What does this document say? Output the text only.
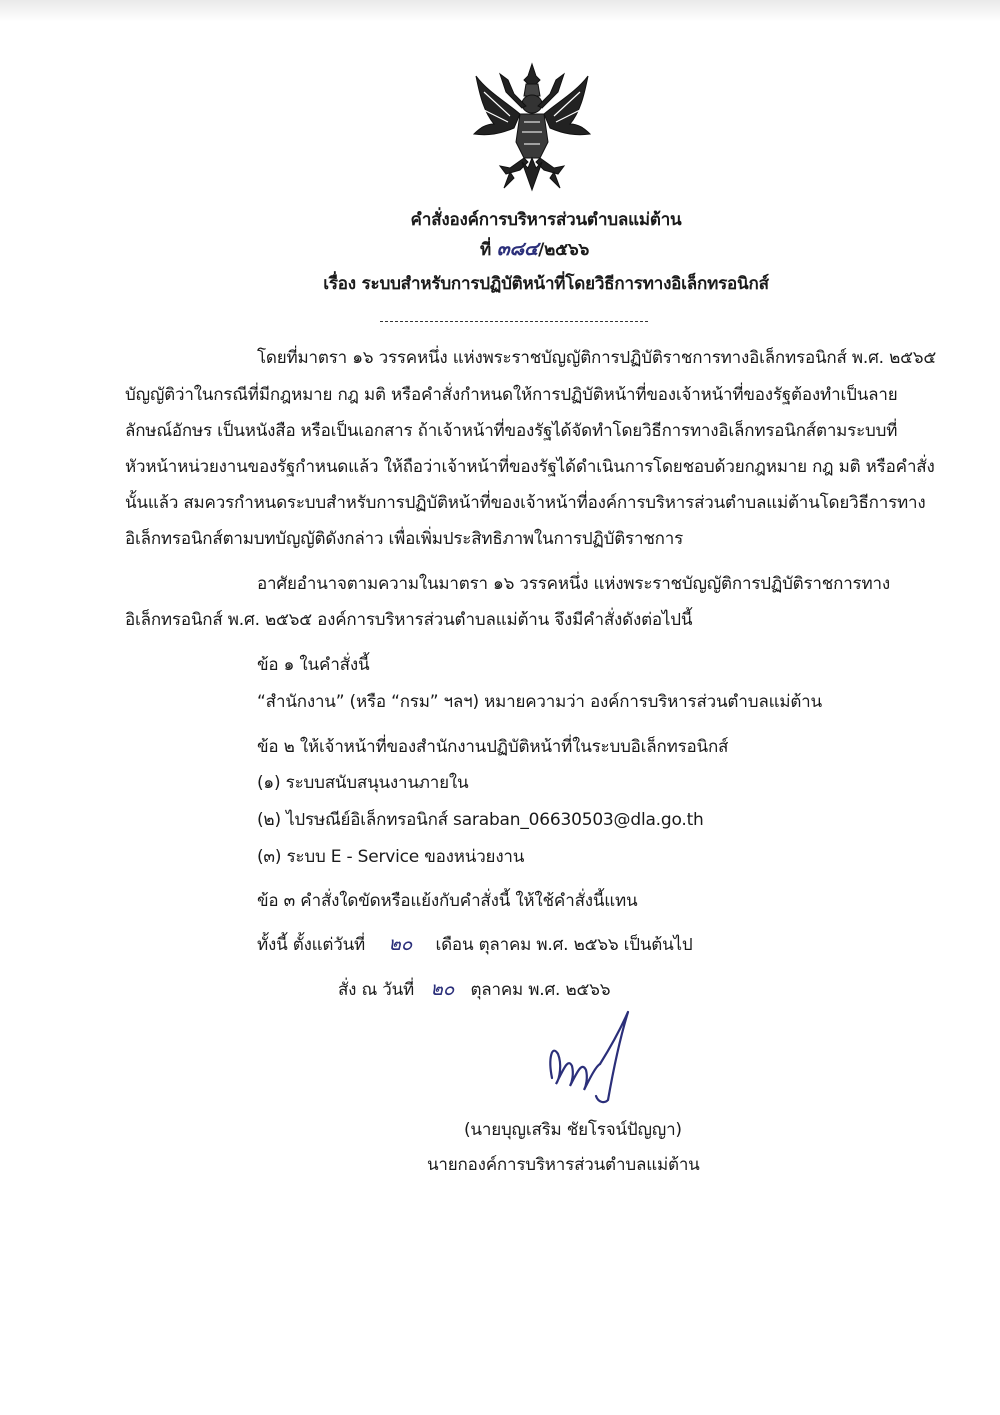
คำสั่งองค์การบริหารส่วนตำบลแม่ต้าน
ที่ ๓๘๔/๒๕๖๖
เรื่อง ระบบสำหรับการปฏิบัติหน้าที่โดยวิธีการทางอิเล็กทรอนิกส์
โดยที่มาตรา ๑๖ วรรคหนึ่ง แห่งพระราชบัญญัติการปฏิบัติราชการทางอิเล็กทรอนิกส์ พ.ศ. ๒๕๖๕
บัญญัติว่าในกรณีที่มีกฎหมาย กฎ มติ หรือคำสั่งกำหนดให้การปฏิบัติหน้าที่ของเจ้าหน้าที่ของรัฐต้องทำเป็นลาย
ลักษณ์อักษร เป็นหนังสือ หรือเป็นเอกสาร ถ้าเจ้าหน้าที่ของรัฐได้จัดทำโดยวิธีการทางอิเล็กทรอนิกส์ตามระบบที่
หัวหน้าหน่วยงานของรัฐกำหนดแล้ว ให้ถือว่าเจ้าหน้าที่ของรัฐได้ดำเนินการโดยชอบด้วยกฎหมาย กฎ มติ หรือคำสั่ง
นั้นแล้ว สมควรกำหนดระบบสำหรับการปฏิบัติหน้าที่ของเจ้าหน้าที่องค์การบริหารส่วนตำบลแม่ต้านโดยวิธีการทาง
อิเล็กทรอนิกส์ตามบทบัญญัติดังกล่าว เพื่อเพิ่มประสิทธิภาพในการปฏิบัติราชการ
อาศัยอำนาจตามความในมาตรา ๑๖ วรรคหนึ่ง แห่งพระราชบัญญัติการปฏิบัติราชการทาง
อิเล็กทรอนิกส์ พ.ศ. ๒๕๖๕ องค์การบริหารส่วนตำบลแม่ต้าน จึงมีคำสั่งดังต่อไปนี้
ข้อ ๑ ในคำสั่งนี้
“สำนักงาน” (หรือ “กรม” ฯลฯ) หมายความว่า องค์การบริหารส่วนตำบลแม่ต้าน
ข้อ ๒ ให้เจ้าหน้าที่ของสำนักงานปฏิบัติหน้าที่ในระบบอิเล็กทรอนิกส์
(๑) ระบบสนับสนุนงานภายใน
(๒) ไปรษณีย์อิเล็กทรอนิกส์ saraban_06630503@dla.go.th
(๓) ระบบ E - Service ของหน่วยงาน
ข้อ ๓ คำสั่งใดขัดหรือแย้งกับคำสั่งนี้ ให้ใช้คำสั่งนี้แทน
ทั้งนี้ ตั้งแต่วันที่ ๒๐ เดือน ตุลาคม พ.ศ. ๒๕๖๖ เป็นต้นไป
สั่ง ณ วันที่ ๒๐ ตุลาคม พ.ศ. ๒๕๖๖
(นายบุญเสริม ชัยโรจน์ปัญญา)
นายกองค์การบริหารส่วนตำบลแม่ต้าน
